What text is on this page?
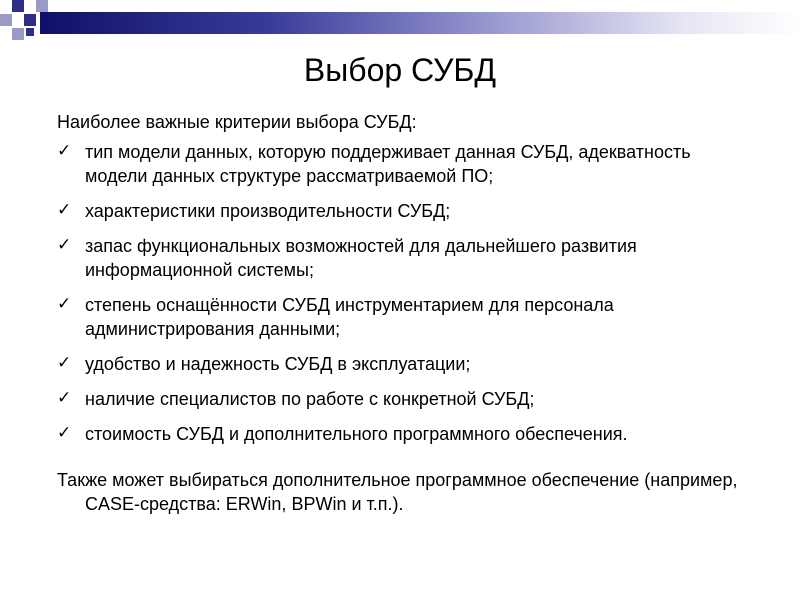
Выбор СУБД

Наиболее важные критерии выбора СУБД:

✓ тип модели данных, которую поддерживает данная СУБД, адекватность модели данных структуре рассматриваемой ПО;
✓ характеристики производительности СУБД;
✓ запас функциональных возможностей для дальнейшего развития информационной системы;
✓ степень оснащённости СУБД инструментарием для персонала администрирования данными;
✓ удобство и надежность СУБД в эксплуатации;
✓ наличие специалистов по работе с конкретной СУБД;
✓ стоимость СУБД и дополнительного программного обеспечения.

Также может выбираться дополнительное программное обеспечение (например, CASE-средства: ERWin, BPWin и т.п.).
